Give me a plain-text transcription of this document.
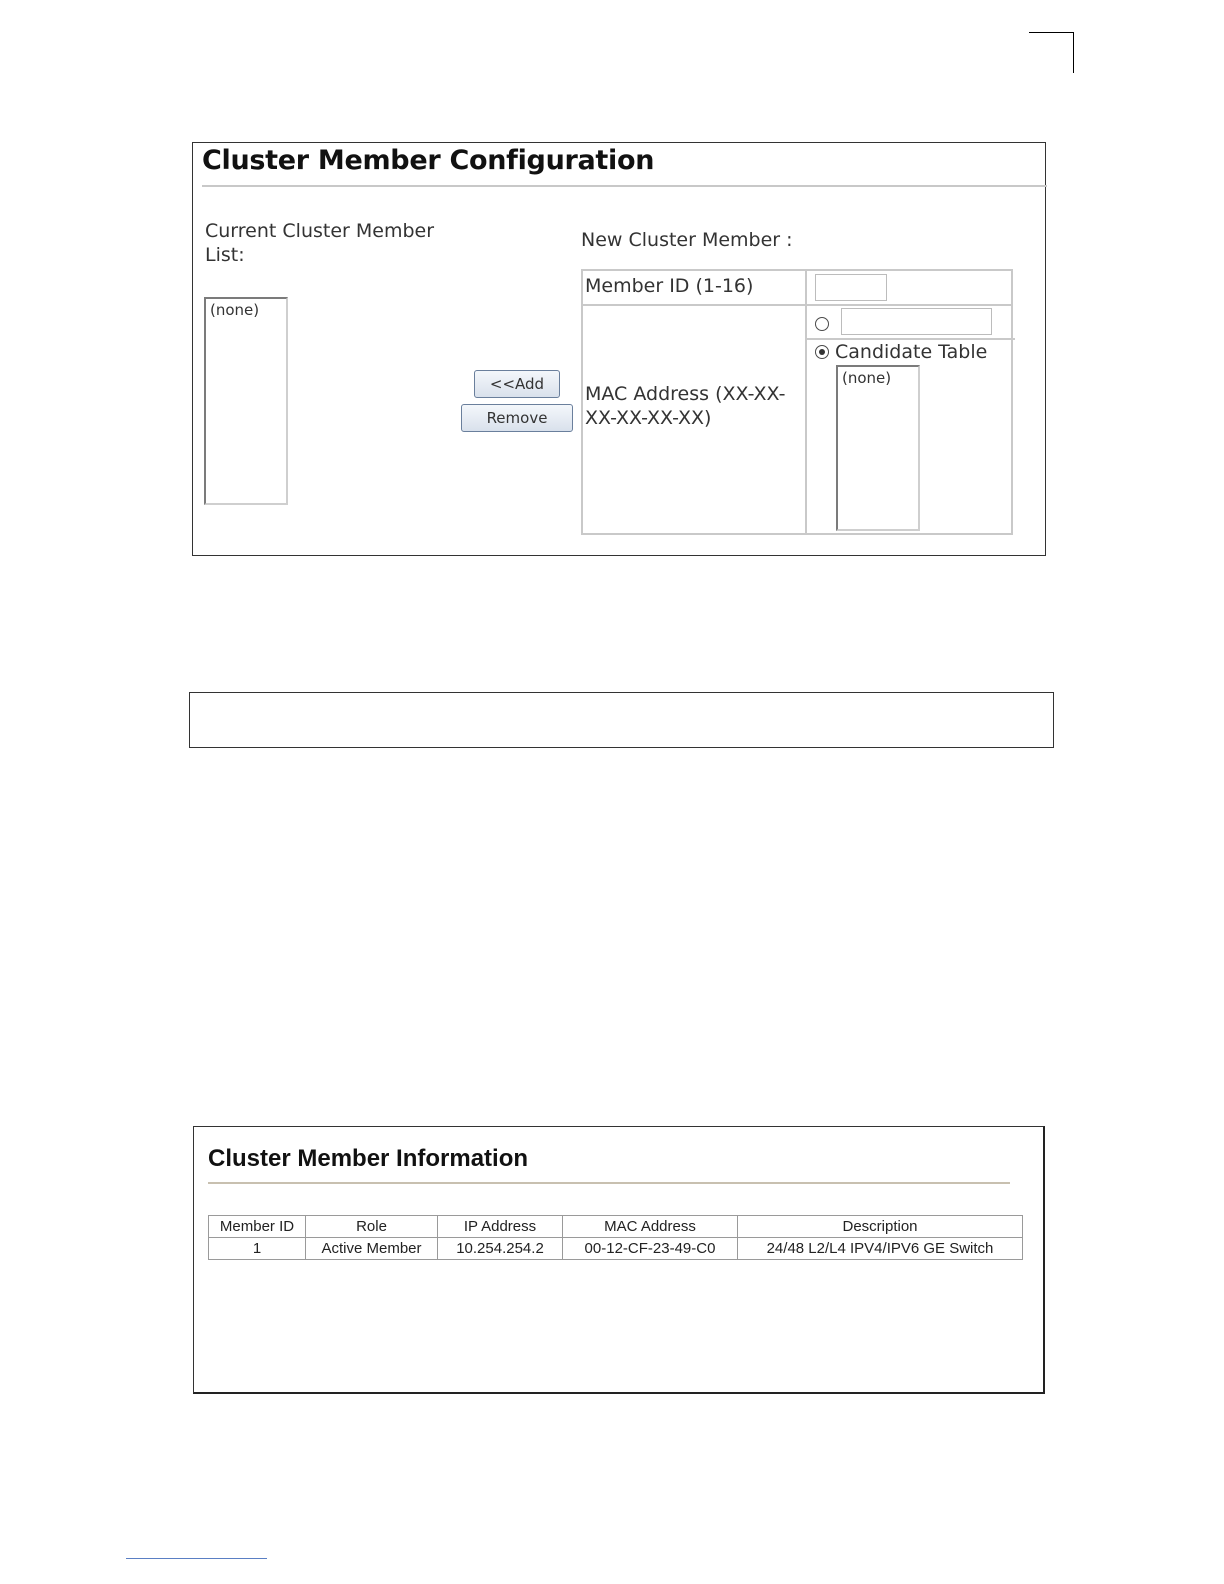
Cluster Member Configuration
Current Cluster Member List:
(none)
<<Add
Remove
New Cluster Member :
Member ID (1-16)
MAC Address (XX-XX-XX-XX-XX-XX)
Candidate Table
(none)
Cluster Member Information
Member ID	Role	IP Address	MAC Address	Description
1	Active Member	10.254.254.2	00-12-CF-23-49-C0	24/48 L2/L4 IPV4/IPV6 GE Switch
